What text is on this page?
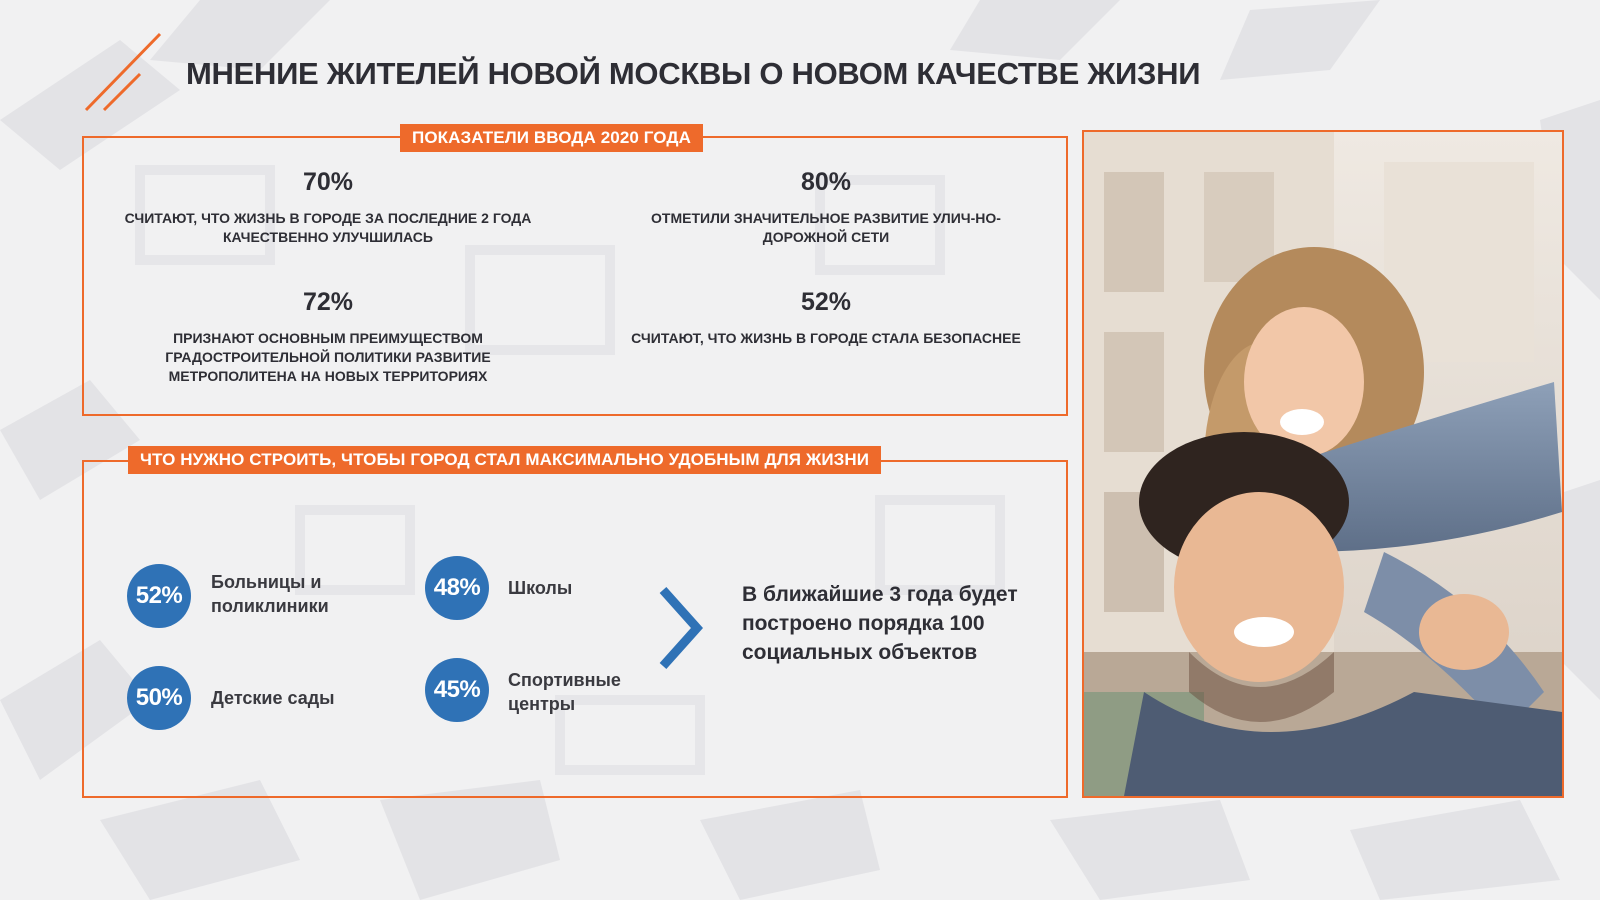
МНЕНИЕ ЖИТЕЛЕЙ НОВОЙ МОСКВЫ О НОВОМ КАЧЕСТВЕ ЖИЗНИ
ПОКАЗАТЕЛИ ВВОДА 2020 ГОДА
70%
СЧИТАЮТ, ЧТО ЖИЗНЬ В ГОРОДЕ ЗА ПОСЛЕДНИЕ 2 ГОДА КАЧЕСТВЕННО УЛУЧШИЛАСЬ
80%
ОТМЕТИЛИ ЗНАЧИТЕЛЬНОЕ РАЗВИТИЕ УЛИЧ-НО-ДОРОЖНОЙ СЕТИ
72%
ПРИЗНАЮТ ОСНОВНЫМ ПРЕИМУЩЕСТВОМ ГРАДОСТРОИТЕЛЬНОЙ ПОЛИТИКИ РАЗВИТИЕ МЕТРОПОЛИТЕНА НА НОВЫХ ТЕРРИТОРИЯХ
52%
СЧИТАЮТ, ЧТО ЖИЗНЬ В ГОРОДЕ СТАЛА БЕЗОПАСНЕЕ
ЧТО НУЖНО СТРОИТЬ, ЧТОБЫ ГОРОД СТАЛ МАКСИМАЛЬНО УДОБНЫМ ДЛЯ ЖИЗНИ
52%	Больницы и поликлиники
48%	Школы
50%	Детские сады	45%	Спортивные центры
В ближайшие 3 года будет построено порядка 100 социальных объектов
